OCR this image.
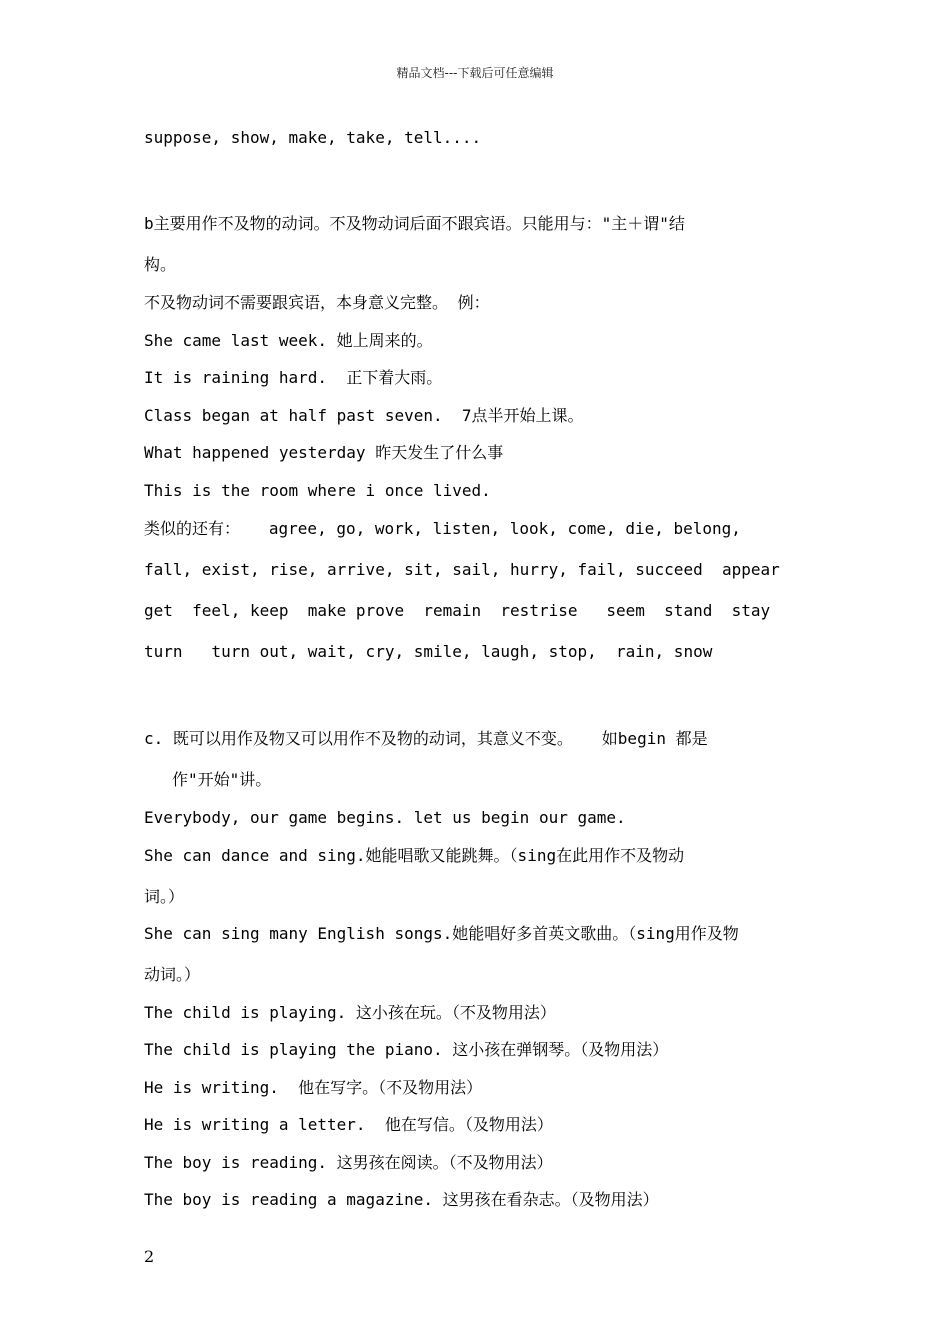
精品文档---下载后可任意编辑
suppose, show, make, take, tell....
b主要用作不及物的动词。不及物动词后面不跟宾语。只能用与："主＋谓"结
构。
不及物动词不需要跟宾语，本身意义完整。 例：
She came last week. 她上周来的。
It is raining hard.  正下着大雨。
Class began at half past seven.  7点半开始上课。
What happened yesterday 昨天发生了什么事
This is the room where i once lived.
类似的还有：   agree, go, work, listen, look, come, die, belong,
fall, exist, rise, arrive, sit, sail, hurry, fail, succeed  appear
get  feel, keep  make prove  remain  restrise   seem  stand  stay
turn   turn out, wait, cry, smile, laugh, stop,  rain, snow
c. 既可以用作及物又可以用作不及物的动词，其意义不变。   如begin 都是
作"开始"讲。
Everybody, our game begins. let us begin our game.
She can dance and sing.她能唱歌又能跳舞。（sing在此用作不及物动
词。）
She can sing many English songs.她能唱好多首英文歌曲。（sing用作及物
动词。）
The child is playing. 这小孩在玩。（不及物用法）
The child is playing the piano. 这小孩在弹钢琴。（及物用法）
He is writing.  他在写字。（不及物用法）
He is writing a letter.  他在写信。（及物用法）
The boy is reading. 这男孩在阅读。（不及物用法）
The boy is reading a magazine. 这男孩在看杂志。（及物用法）
2
